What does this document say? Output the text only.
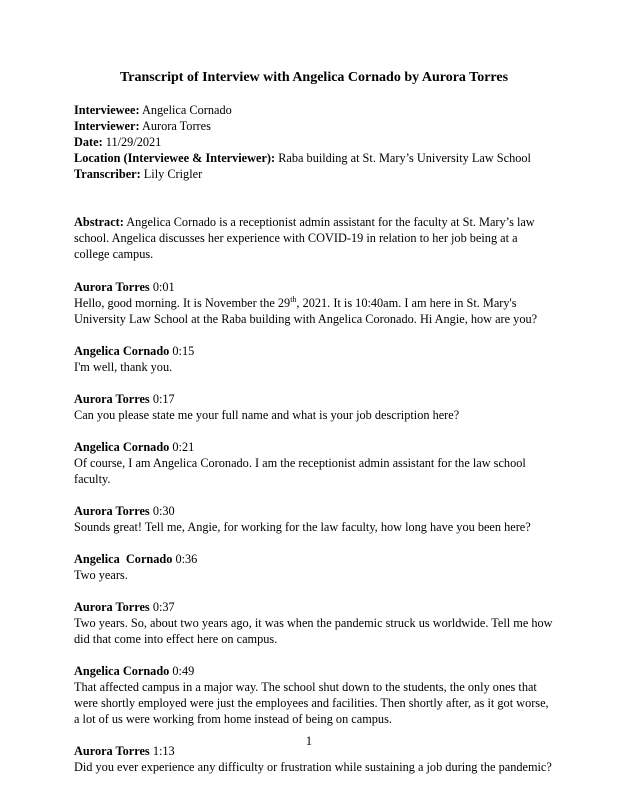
Transcript of Interview with Angelica Cornado by Aurora Torres
Interviewee: Angelica Cornado
Interviewer: Aurora Torres
Date: 11/29/2021
Location (Interviewee & Interviewer): Raba building at St. Mary’s University Law School
Transcriber: Lily Crigler
Abstract: Angelica Cornado is a receptionist admin assistant for the faculty at St. Mary’s law school. Angelica discusses her experience with COVID-19 in relation to her job being at a college campus.
Aurora Torres 0:01
Hello, good morning. It is November the 29th, 2021. It is 10:40am. I am here in St. Mary's University Law School at the Raba building with Angelica Coronado. Hi Angie, how are you?
Angelica Cornado 0:15
I'm well, thank you.
Aurora Torres 0:17
Can you please state me your full name and what is your job description here?
Angelica Cornado 0:21
Of course, I am Angelica Coronado. I am the receptionist admin assistant for the law school faculty.
Aurora Torres 0:30
Sounds great! Tell me, Angie, for working for the law faculty, how long have you been here?
Angelica  Cornado 0:36
Two years.
Aurora Torres 0:37
Two years. So, about two years ago, it was when the pandemic struck us worldwide. Tell me how did that come into effect here on campus.
Angelica Cornado 0:49
That affected campus in a major way. The school shut down to the students, the only ones that were shortly employed were just the employees and facilities. Then shortly after, as it got worse, a lot of us were working from home instead of being on campus.
Aurora Torres 1:13
Did you ever experience any difficulty or frustration while sustaining a job during the pandemic?
1
